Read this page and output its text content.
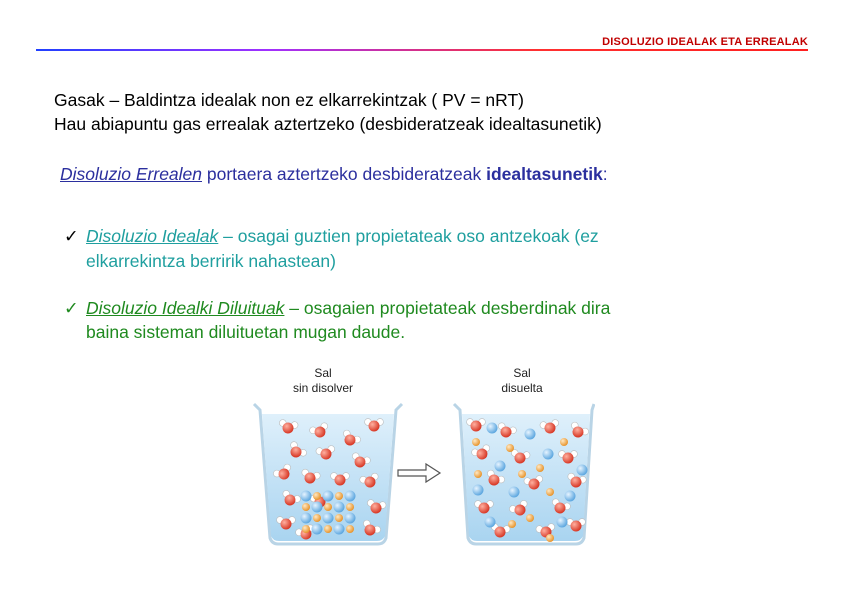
DISOLUZIO IDEALAK ETA ERREALAK
Gasak – Baldintza idealak non ez elkarrekintzak ( PV = nRT)
Hau abiapuntu gas errealak aztertzeko (desbideratzeak idealtasunetik)
Disoluzio Errealen portaera aztertzeko desbideratzeak idealtasunetik:
✓ Disoluzio Idealak – osagai guztien propietateak oso antzekoak (ez
elkarrekintza berririk nahastean)
✓ Disoluzio Idealki Diluituak – osagaien propietateak desberdinak dira
baina sisteman diluituetan mugan daude.
Sal
sin disolver
Sal
disuelta
